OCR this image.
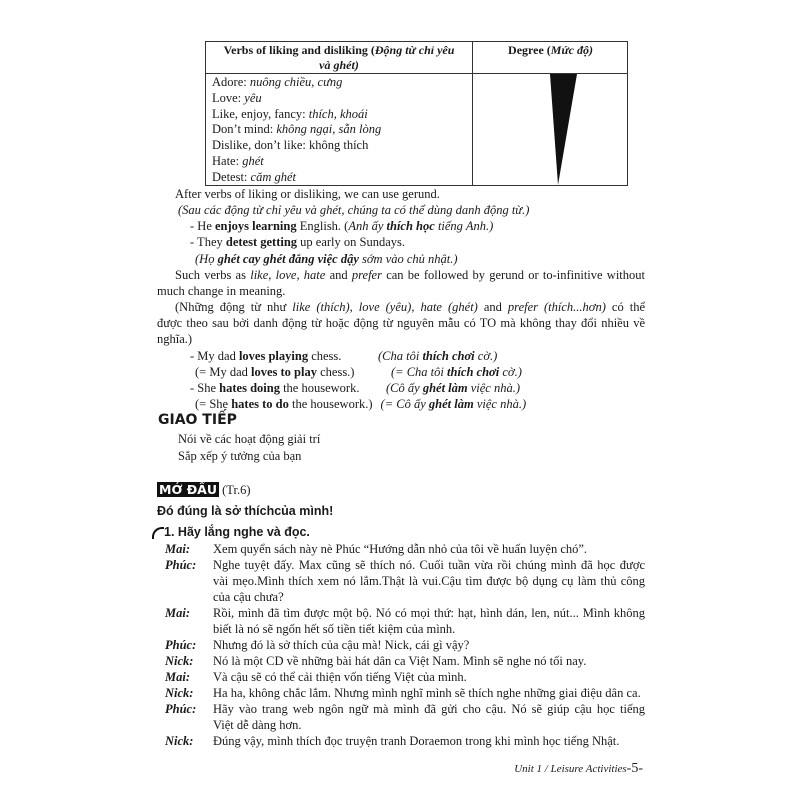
Verbs of liking and disliking (Động từ chỉ yêu
và ghét)
Degree (Mức độ)
Adore: nuông chiều, cưng
Love: yêu
Like, enjoy, fancy: thích, khoái
Don’t mind: không ngại, sẵn lòng
Dislike, don’t like: không thích
Hate: ghét
Detest: căm ghét
After verbs of liking or disliking, we can use gerund.
(Sau các động từ chỉ yêu và ghét, chúng ta có thể dùng danh động từ.)
- He enjoys learning English. (Anh ấy thích học tiếng Anh.)
- They detest getting up early on Sundays.
(Họ ghét cay ghét đắng việc dậy sớm vào chủ nhật.)
Such verbs as like, love, hate and prefer can be followed by gerund or to-infinitive without
much change in meaning.
(Những động từ như like (thích), love (yêu), hate (ghét) and prefer (thích...hơn) có thể
được theo sau bởi danh động từ hoặc động từ nguyên mẫu có TO mà không thay đổi nhiều về
nghĩa.)
- My dad loves playing chess.	(Cha tôi thích chơi cờ.)
(= My dad loves to play chess.)	(= Cha tôi thích chơi cờ.)
- She hates doing the housework. (Cô ấy ghét làm việc nhà.)
(= She hates to do the housework.) (= Cô ấy ghét làm việc nhà.)
GIAO TIẾP
Nói về các hoạt động giải trí
Sắp xếp ý tưởng của bạn
MỞ ĐẦU (Tr.6)
Đó đúng là sở thíchcủa mình!
1. Hãy lắng nghe và đọc.
Mai: Xem quyển sách này nè Phúc “Hướng dẫn nhỏ của tôi về huấn luyện chó”.
Phúc: Nghe tuyệt đấy. Max cũng sẽ thích nó. Cuối tuần vừa rồi chúng mình đã học được
vài mẹo.Mình thích xem nó lắm.Thật là vui.Cậu tìm được bộ dụng cụ làm thủ công
của cậu chưa?
Mai: Rồi, mình đã tìm được một bộ. Nó có mọi thứ: hạt, hình dán, len, nút... Mình không
biết là nó sẽ ngốn hết số tiền tiết kiệm của mình.
Phúc: Nhưng đó là sở thích của cậu mà! Nick, cái gì vậy?
Nick: Nó là một CD về những bài hát dân ca Việt Nam. Mình sẽ nghe nó tối nay.
Mai: Và cậu sẽ có thể cải thiện vốn tiếng Việt của mình.
Nick: Ha ha, không chắc lắm. Nhưng mình nghĩ mình sẽ thích nghe những giai điệu dân ca.
Phúc: Hãy vào trang web ngôn ngữ mà mình đã gửi cho cậu. Nó sẽ giúp cậu học tiếng
Việt dễ dàng hơn.
Nick: Đúng vậy, mình thích đọc truyện tranh Doraemon trong khi mình học tiếng Nhật.
Unit 1 / Leisure Activities-5-
